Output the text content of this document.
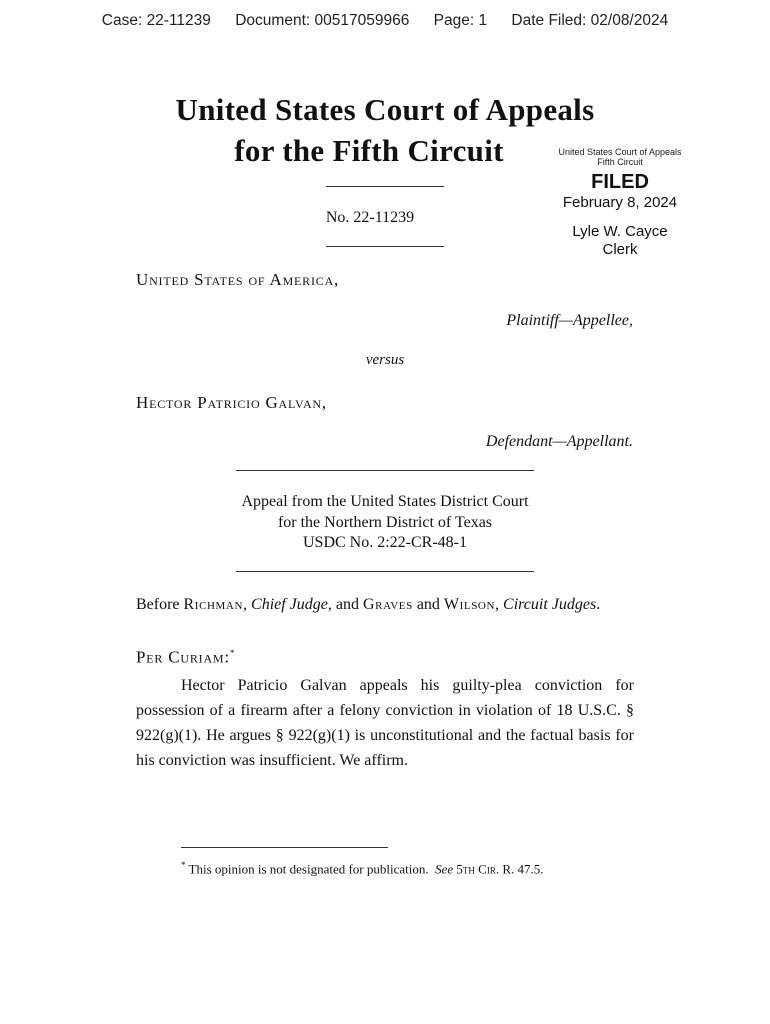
Case: 22-11239 Document: 00517059966 Page: 1 Date Filed: 02/08/2024
United States Court of Appeals
for the Fifth Circuit	United States Court of Appeals
Fifth Circuit
FILED
February 8, 2024
Lyle W. Cayce
Clerk
No. 22-11239
United States of America,
Plaintiff—Appellee,
versus
Hector Patricio Galvan,
Defendant—Appellant.
Appeal from the United States District Court
for the Northern District of Texas
USDC No. 2:22-CR-48-1
Before Richman, Chief Judge, and Graves and Wilson, Circuit Judges.
Per Curiam:*
Hector Patricio Galvan appeals his guilty-plea conviction for possession of a firearm after a felony conviction in violation of 18 U.S.C. § 922(g)(1). He argues § 922(g)(1) is unconstitutional and the factual basis for his conviction was insufficient. We affirm.
* This opinion is not designated for publication. See 5th Cir. R. 47.5.
